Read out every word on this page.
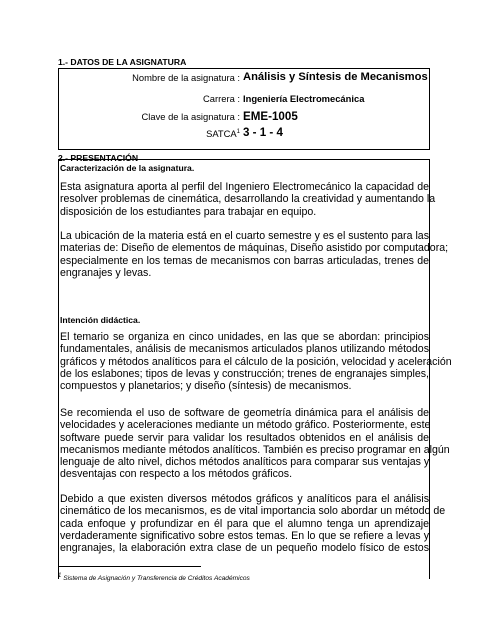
1.- DATOS DE LA ASIGNATURA
Nombre de la asignatura : Análisis y Síntesis de Mecanismos
Carrera : Ingeniería Electromecánica
Clave de la asignatura : EME-1005
SATCA$^1$ 3 - 1 - 4
2.- PRESENTACIÓN
Caracterización de la asignatura.
Esta asignatura aporta al perfil del Ingeniero Electromecánico la capacidad de
resolver problemas de cinemática, desarrollando la creatividad y aumentando la
disposición de los estudiantes para trabajar en equipo.
La ubicación de la materia está en el cuarto semestre y es el sustento para las
materias de: Diseño de elementos de máquinas, Diseño asistido por computadora;
especialmente en los temas de mecanismos con barras articuladas, trenes de
engranajes y levas.
Intención didáctica.
El temario se organiza en cinco unidades, en las que se abordan: principios
fundamentales, análisis de mecanismos articulados planos utilizando métodos
gráficos y métodos analíticos para el cálculo de la posición, velocidad y aceleración
de los eslabones; tipos de levas y construcción; trenes de engranajes simples,
compuestos y planetarios; y diseño (síntesis) de mecanismos.
Se recomienda el uso de software de geometría dinámica para el análisis de
velocidades y aceleraciones mediante un método gráfico. Posteriormente, este
software puede servir para validar los resultados obtenidos en el análisis de
mecanismos mediante métodos analíticos. También es preciso programar en algún
lenguaje de alto nivel, dichos métodos analíticos para comparar sus ventajas y
desventajas con respecto a los métodos gráficos.
Debido a que existen diversos métodos gráficos y analíticos para el análisis
cinemático de los mecanismos, es de vital importancia solo abordar un método de
cada enfoque y profundizar en él para que el alumno tenga un aprendizaje
verdaderamente significativo sobre estos temas. En lo que se refiere a levas y
engranajes, la elaboración extra clase de un pequeño modelo físico de estos
$^1$ Sistema de Asignación y Transferencia de Créditos Académicos
